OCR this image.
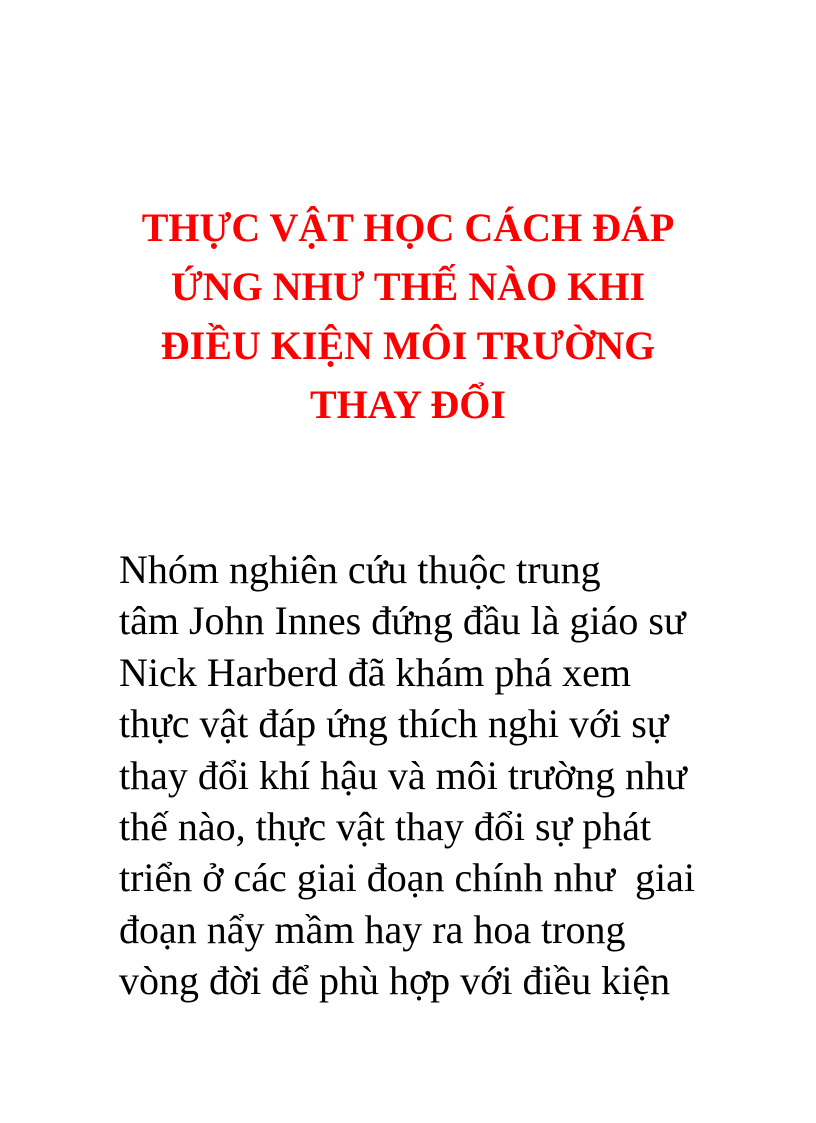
THỰC VẬT HỌC CÁCH ĐÁP
ỨNG NHƯ THẾ NÀO KHI
ĐIỀU KIỆN MÔI TRƯỜNG
THAY ĐỔI
Nhóm nghiên cứu thuộc trung
tâm John Innes đứng đầu là giáo sư
Nick Harberd đã khám phá xem
thực vật đáp ứng thích nghi với sự
thay đổi khí hậu và môi trường như
thế nào, thực vật thay đổi sự phát
triển ở các giai đoạn chính như  giai
đoạn nẩy mầm hay ra hoa trong
vòng đời để phù hợp với điều kiện
